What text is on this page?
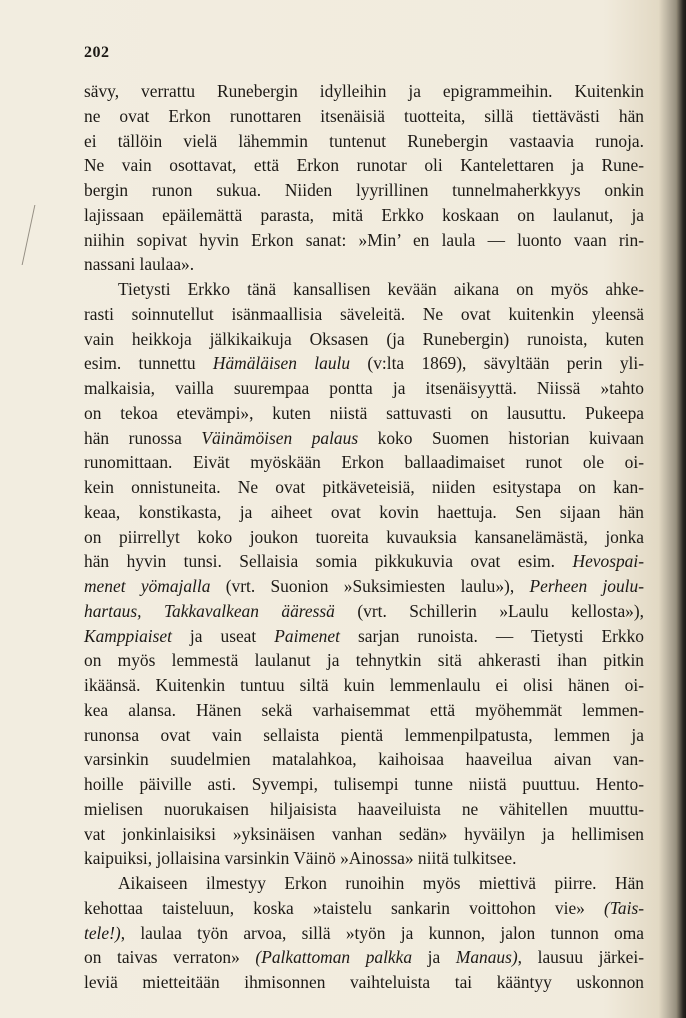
202
sävy, verrattu Runebergin idylleihin ja epigrammeihin. Kuitenkin
ne ovat Erkon runottaren itsenäisiä tuotteita, sillä tiettävästi hän
ei tällöin vielä lähemmin tuntenut Runebergin vastaavia runoja.
Ne vain osottavat, että Erkon runotar oli Kantelettaren ja Rune-
bergin runon sukua. Niiden lyyrillinen tunnelmaherkkyys onkin
lajissaan epäilemättä parasta, mitä Erkko koskaan on laulanut, ja
niihin sopivat hyvin Erkon sanat: »Min’ en laula — luonto vaan rin-
nassani laulaa».
Tietysti Erkko tänä kansallisen kevään aikana on myös ahke-
rasti soinnutellut isänmaallisia säveleitä. Ne ovat kuitenkin yleensä
vain heikkoja jälkikaikuja Oksasen (ja Runebergin) runoista, kuten
esim. tunnettu Hämäläisen laulu (v:lta 1869), sävyltään perin yli-
malkaisia, vailla suurempaa pontta ja itsenäisyyttä. Niissä »tahto
on tekoa etevämpi», kuten niistä sattuvasti on lausuttu. Pukeepa
hän runossa Väinämöisen palaus koko Suomen historian kuivaan
runomittaan. Eivät myöskään Erkon ballaadimaiset runot ole oi-
kein onnistuneita. Ne ovat pitkäveteisiä, niiden esitystapa on kan-
keaa, konstikasta, ja aiheet ovat kovin haettuja. Sen sijaan hän
on piirrellyt koko joukon tuoreita kuvauksia kansanelämästä, jonka
hän hyvin tunsi. Sellaisia somia pikkukuvia ovat esim. Hevospai-
menet yömajalla (vrt. Suonion »Suksimiesten laulu»), Perheen joulu-
hartaus, Takkavalkean ääressä (vrt. Schillerin »Laulu kellosta»),
Kamppiaiset ja useat Paimenet sarjan runoista. — Tietysti Erkko
on myös lemmestä laulanut ja tehnytkin sitä ahkerasti ihan pitkin
ikäänsä. Kuitenkin tuntuu siltä kuin lemmenlaulu ei olisi hänen oi-
kea alansa. Hänen sekä varhaisemmat että myöhemmät lemmen-
runonsa ovat vain sellaista pientä lemmenpilpatusta, lemmen ja
varsinkin suudelmien matalahkoa, kaihoisaa haaveilua aivan van-
hoille päiville asti. Syvempi, tulisempi tunne niistä puuttuu. Hento-
mielisen nuorukaisen hiljaisista haaveiluista ne vähitellen muuttu-
vat jonkinlaisiksi »yksinäisen vanhan sedän» hyväilyn ja hellimisen
kaipuiksi, jollaisina varsinkin Väinö »Ainossa» niitä tulkitsee.
Aikaiseen ilmestyy Erkon runoihin myös miettivä piirre. Hän
kehottaa taisteluun, koska »taistelu sankarin voittohon vie» (Tais-
tele!), laulaa työn arvoa, sillä »työn ja kunnon, jalon tunnon oma
on taivas verraton» (Palkattoman palkka ja Manaus), lausuu järkei-
leviä mietteitään ihmisonnen vaihteluista tai kääntyy uskonnon
